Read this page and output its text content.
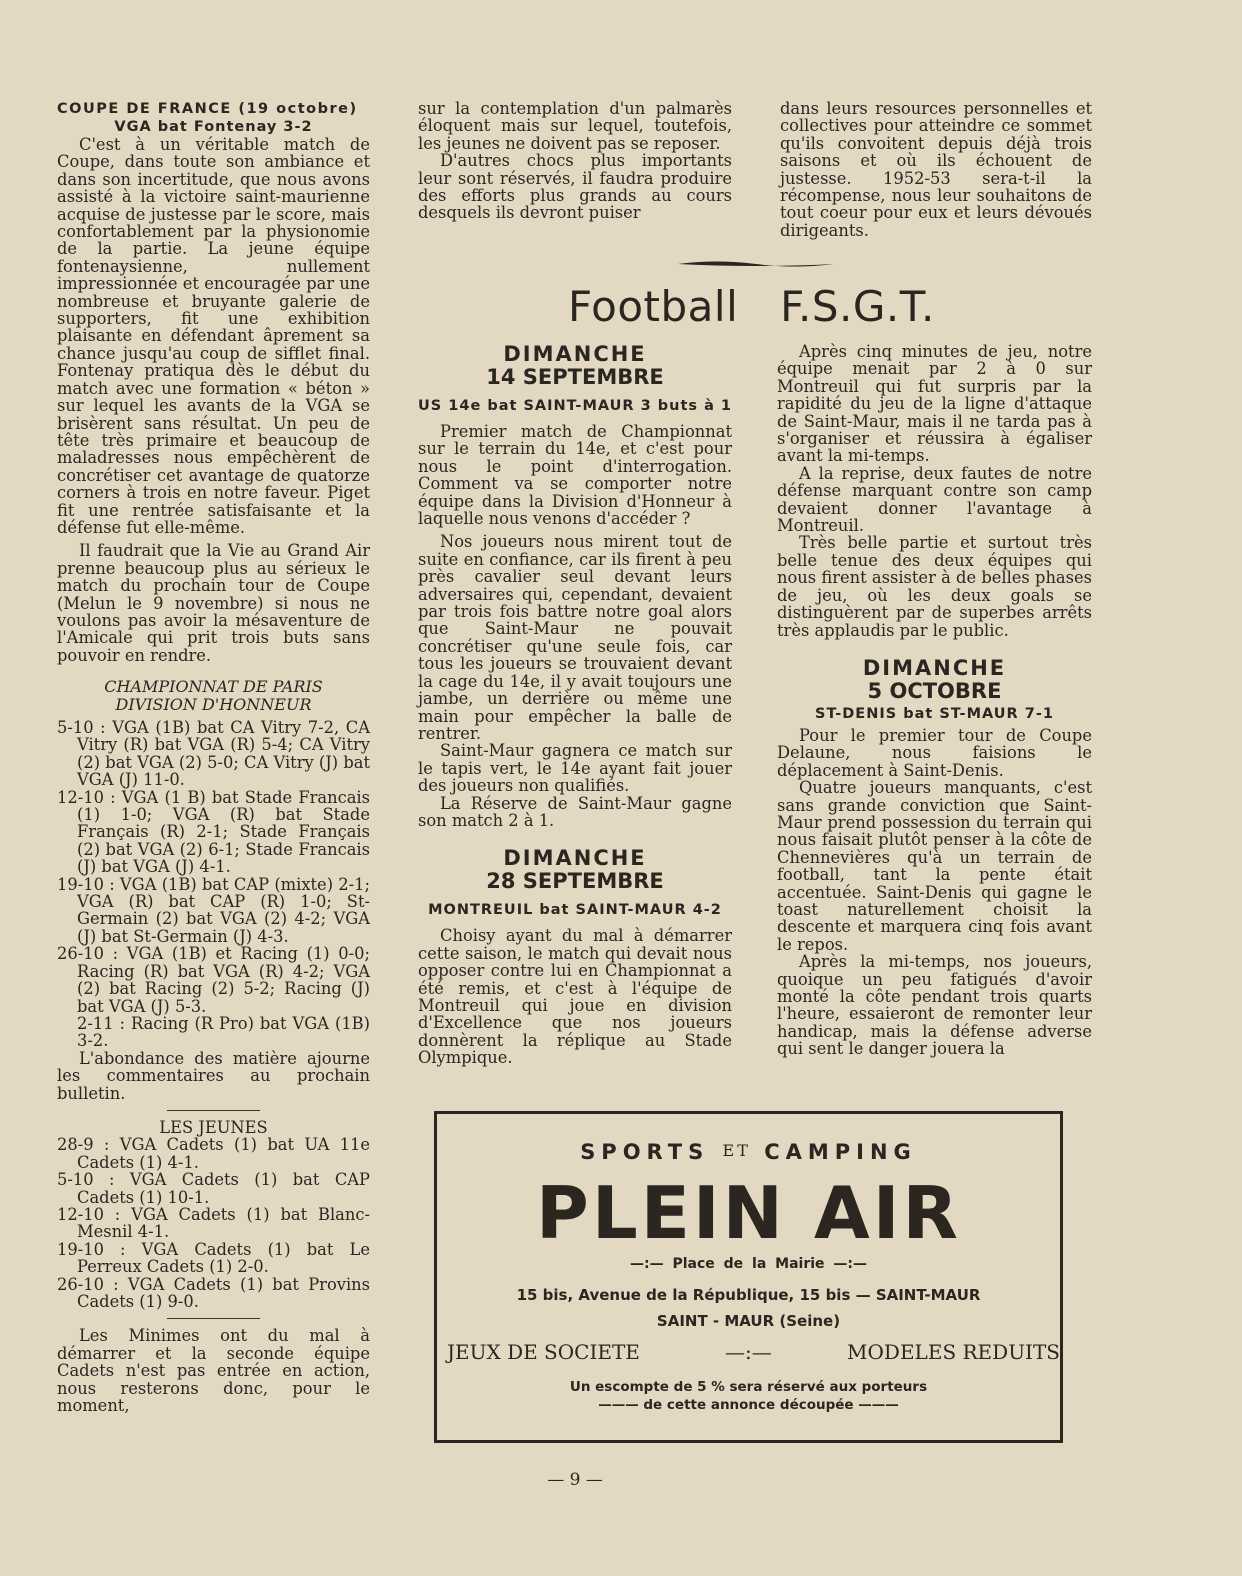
COUPE DE FRANCE (19 octobre)
VGA bat Fontenay 3-2

C'est à un véritable match de Coupe, dans toute son ambiance et dans son incertitude, que nous avons assisté à la victoire saint-maurienne acquise de justesse par le score, mais confortablement par la physionomie de la partie. La jeune équipe fontenaysienne, nullement impressionnée et encouragée par une nombreuse et bruyante galerie de supporters, fit une exhibition plaisante en défendant âprement sa chance jusqu'au coup de sifflet final. Fontenay pratiqua dès le début du match avec une formation « béton » sur lequel les avants de la VGA se brisèrent sans résultat. Un peu de tête très primaire et beaucoup de maladresses nous empêchèrent de concrétiser cet avantage de quatorze corners à trois en notre faveur. Piget fit une rentrée satisfaisante et la défense fut elle-même.

Il faudrait que la Vie au Grand Air prenne beaucoup plus au sérieux le match du prochain tour de Coupe (Melun le 9 novembre) si nous ne voulons pas avoir la mésaventure de l'Amicale qui prit trois buts sans pouvoir en rendre.

CHAMPIONNAT DE PARIS
DIVISION D'HONNEUR

5-10 : VGA (1B) bat CA Vitry 7-2, CA Vitry (R) bat VGA (R) 5-4; CA Vitry (2) bat VGA (2) 5-0; CA Vitry (J) bat VGA (J) 11-0.

12-10 : VGA (1 B) bat Stade Francais (1) 1-0; VGA (R) bat Stade Français (R) 2-1; Stade Français (2) bat VGA (2) 6-1; Stade Francais (J) bat VGA (J) 4-1.

19-10 : VGA (1B) bat CAP (mixte) 2-1; VGA (R) bat CAP (R) 1-0; St-Germain (2) bat VGA (2) 4-2; VGA (J) bat St-Germain (J) 4-3.

26-10 : VGA (1B) et Racing (1) 0-0; Racing (R) bat VGA (R) 4-2; VGA (2) bat Racing (2) 5-2; Racing (J) bat VGA (J) 5-3.

2-11 : Racing (R Pro) bat VGA (1B) 3-2.

L'abondance des matière ajourne les commentaires au prochain bulletin.

LES JEUNES

28-9 : VGA Cadets (1) bat UA 11e Cadets (1) 4-1.

5-10 : VGA Cadets (1) bat CAP Cadets (1) 10-1.

12-10 : VGA Cadets (1) bat Blanc-Mesnil 4-1.

19-10 : VGA Cadets (1) bat Le Perreux Cadets (1) 2-0.

26-10 : VGA Cadets (1) bat Provins Cadets (1) 9-0.

Les Minimes ont du mal à démarrer et la seconde équipe Cadets n'est pas entrée en action, nous resterons donc, pour le moment,

sur la contemplation d'un palmarès éloquent mais sur lequel, toutefois, les jeunes ne doivent pas se reposer.

D'autres chocs plus importants leur sont réservés, il faudra produire des efforts plus grands au cours desquels ils devront puiser

dans leurs resources personnelles et collectives pour atteindre ce sommet qu'ils convoitent depuis déjà trois saisons et où ils échouent de justesse. 1952-53 sera-t-il la récompense, nous leur souhaitons de tout coeur pour eux et leurs dévoués dirigeants.

Football F.S.G.T.
DIMANCHE
14 SEPTEMBRE
US 14e bat SAINT-MAUR 3 buts à 1

Premier match de Championnat sur le terrain du 14e, et c'est pour nous le point d'interrogation. Comment va se comporter notre équipe dans la Division d'Honneur à laquelle nous venons d'accéder ?

Nos joueurs nous mirent tout de suite en confiance, car ils firent à peu près cavalier seul devant leurs adversaires qui, cependant, devaient par trois fois battre notre goal alors que Saint-Maur ne pouvait concrétiser qu'une seule fois, car tous les joueurs se trouvaient devant la cage du 14e, il y avait toujours une jambe, un derrière ou même une main pour empêcher la balle de rentrer.

Saint-Maur gagnera ce match sur le tapis vert, le 14e ayant fait jouer des joueurs non qualifiés.

La Réserve de Saint-Maur gagne son match 2 à 1.

DIMANCHE
28 SEPTEMBRE
MONTREUIL bat SAINT-MAUR 4-2

Choisy ayant du mal à démarrer cette saison, le match qui devait nous opposer contre lui en Championnat a été remis, et c'est à l'équipe de Montreuil qui joue en division d'Excellence que nos joueurs donnèrent la réplique au Stade Olympique.

Après cinq minutes de jeu, notre équipe menait par 2 à 0 sur Montreuil qui fut surpris par la rapidité du jeu de la ligne d'attaque de Saint-Maur, mais il ne tarda pas à s'organiser et réussira à égaliser avant la mi-temps.

A la reprise, deux fautes de notre défense marquant contre son camp devaient donner l'avantage à Montreuil.

Très belle partie et surtout très belle tenue des deux équipes qui nous firent assister à de belles phases de jeu, où les deux goals se distinguèrent par de superbes arrêts très applaudis par le public.

DIMANCHE
5 OCTOBRE
ST-DENIS bat ST-MAUR 7-1

Pour le premier tour de Coupe Delaune, nous faisions le déplacement à Saint-Denis.

Quatre joueurs manquants, c'est sans grande conviction que Saint-Maur prend possession du terrain qui nous faisait plutôt penser à la côte de Chennevières qu'à un terrain de football, tant la pente était accentuée. Saint-Denis qui gagne le toast naturellement choisit la descente et marquera cinq fois avant le repos.

Après la mi-temps, nos joueurs, quoique un peu fatigués d'avoir monté la côte pendant trois quarts l'heure, essaieront de remonter leur handicap, mais la défense adverse qui sent le danger jouera la

SPORTS ET CAMPING
PLEIN AIR
—:— Place de la Mairie —:—
15 bis, Avenue de la République, 15 bis — SAINT-MAUR
SAINT - MAUR (Seine)
JEUX DE SOCIETE	—:—	MODELES REDUITS
Un escompte de 5 % sera réservé aux porteurs
——— de cette annonce découpée ———
— 9 —
